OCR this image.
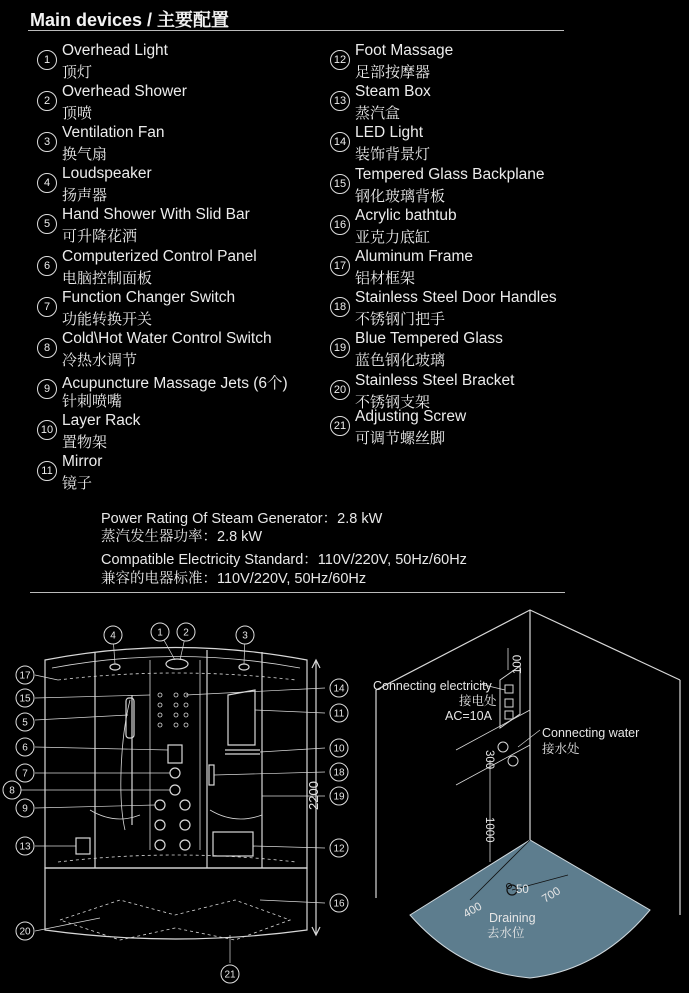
Main devices / 主要配置
1
Overhead Light
顶灯
2
Overhead Shower
顶喷
3
Ventilation Fan
换气扇
4
Loudspeaker
扬声器
5
Hand Shower With Slid Bar
可升降花洒
6
Computerized Control Panel
电脑控制面板
7
Function Changer Switch
功能转换开关
8
Cold\Hot Water Control Switch
冷热水调节
9 Acupuncture Massage Jets (6个)
针刺喷嘴
10
Layer Rack
置物架
11
Mirror
镜子
12
Foot Massage
足部按摩器
13
Steam Box
蒸汽盒
14
LED Light
装饰背景灯
15
Tempered Glass Backplane
钢化玻璃背板
16
Acrylic bathtub
亚克力底缸
17
Aluminum Frame
铝材框架
18
Stainless Steel Door Handles
不锈钢门把手
19
Blue Tempered Glass
蓝色钢化玻璃
20
Stainless Steel Bracket
不锈钢支架
21
Adjusting Screw
可调节螺丝脚
Power Rating Of Steam Generator：2.8 kW
蒸汽发生器功率：2.8 kW
Compatible Electricity Standard：110V/220V, 50Hz/60Hz
兼容的电器标准：110V/220V, 50Hz/60Hz
2200
4	1 2	3
17
15
5
6
7
8
9
13
20
14
11
10
18
19
12
16
21
Connecting electricity
接电处
AC=10A
Connecting water
接水处
100
300
1000
50
400
700
Draining
去水位
